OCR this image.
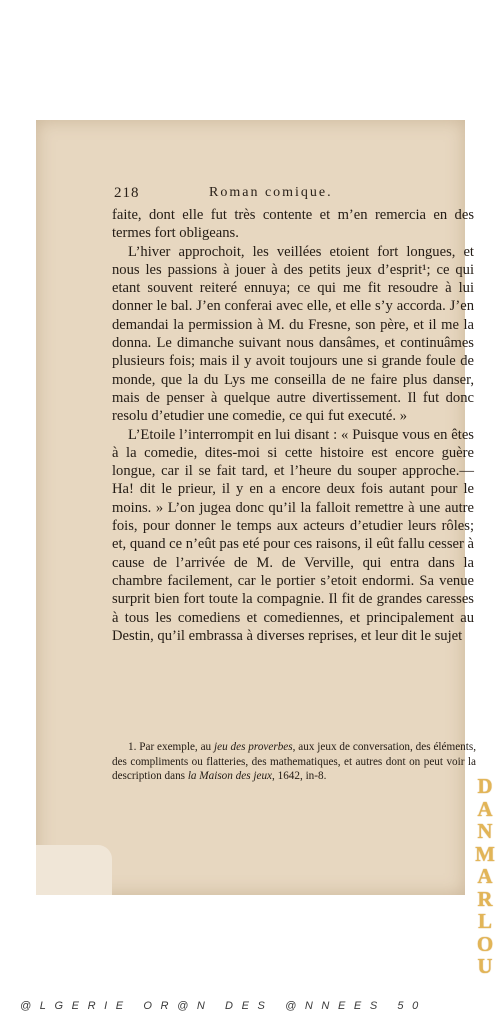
218	Roman comique.

faite, dont elle fut très contente et m’en remercia en des termes fort obligeans.

L’hiver approchoit, les veillées etoient fort longues, et nous les passions à jouer à des petits jeux d’esprit¹; ce qui etant souvent reiteré ennuya; ce qui me fit resoudre à lui donner le bal. J’en conferai avec elle, et elle s’y accorda. J’en demandai la permission à M. du Fresne, son père, et il me la donna. Le dimanche suivant nous dansâmes, et continuâmes plusieurs fois; mais il y avoit toujours une si grande foule de monde, que la du Lys me conseilla de ne faire plus danser, mais de penser à quelque autre divertissement. Il fut donc resolu d’etudier une comedie, ce qui fut executé. »

L’Etoile l’interrompit en lui disant : « Puisque vous en êtes à la comedie, dites-moi si cette histoire est encore guère longue, car il se fait tard, et l’heure du souper approche.—Ha! dit le prieur, il y en a encore deux fois autant pour le moins. » L’on jugea donc qu’il la falloit remettre à une autre fois, pour donner le temps aux acteurs d’etudier leurs rôles; et, quand ce n’eût pas eté pour ces raisons, il eût fallu cesser à cause de l’arrivée de M. de Verville, qui entra dans la chambre facilement, car le portier s’etoit endormi. Sa venue surprit bien fort toute la compagnie. Il fit de grandes caresses à tous les comediens et comediennes, et principalement au Destin, qu’il embrassa à diverses reprises, et leur dit le sujet

1. Par exemple, au jeu des proverbes, aux jeux de conversation, des éléments, des compliments ou flatteries, des mathematiques, et autres dont on peut voir la description dans la Maison des jeux, 1642, in-8.	D
A
N
M
A
R
L
O
U
@LGERIE OR@N DES @NNEES 50
